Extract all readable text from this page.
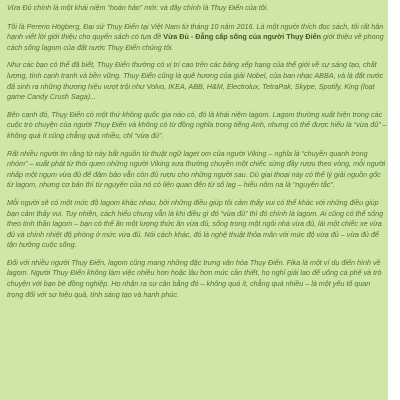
Vừa Đủ chính là một khái niệm “hoàn hảo” mới: và đây chính là Thụy Điển của tôi.

Tôi là Pererio Högberg, Đại sứ Thụy Điển tại Việt Nam từ tháng 10 năm 2016. Là một người thích đọc sách, tôi rất hân hạnh viết lời giới thiệu cho quyển sách có tựa đề Vừa Đủ - Đẳng cấp sống của người Thụy Điển giới thiệu về phong cách sống lagom của đất nước Thụy Điển chúng tôi.

Như các bạn có thể đã biết, Thụy Điển thường có vị trí cao trên các bảng xếp hạng của thế giới về sự sáng tạo, chất lượng, tính cạnh tranh và bền vững. Thụy Điển cũng là quê hương của giải Nobel, của ban nhạc ABBA, và là đất nước đã sinh ra những thương hiệu vượt trội như Volvo, IKEA, ABB, H&M, Electrolux, TetraPak, Skype, Spotify, King (loạt game Candy Crush Saga)...

Bên cạnh đó, Thụy Điển có một thứ không quốc gia nào có, đó là khái niệm lagom. Lagom thường xuất hiện trong các cuộc trò chuyện của người Thụy Điển và không có từ đồng nghĩa trong tiếng Anh, nhưng có thể được hiểu là “vừa đủ” – không quá ít cũng chẳng quá nhiều, chỉ “vừa đủ”.

Rất nhiều người tin rằng từ này bắt nguồn từ thuật ngữ laget om của người Viking – nghĩa là “chuyền quanh trong nhóm” – xuất phát từ thói quen những người Viking xưa thường chuyền một chiếc sừng đầy rượu theo vòng, mỗi người nhấp một ngụm vừa đủ để đảm bảo vẫn còn đủ rượu cho những người sau. Dù giai thoại này có thể lý giải nguồn gốc từ lagom, nhưng cơ bản thì từ nguyên của nó có liên quan đến từ số lag – hiểu nôm na là “nguyên tắc”.

Mỗi người sẽ có một mức độ lagom khác nhau, bởi những điều giúp tôi cảm thấy vui có thể khác với những điều giúp bạn cảm thấy vui. Tuy nhiên, cách hiểu chung vẫn là khi điều gì đó “vừa đủ” thì đó chính là lagom. Ai cũng có thể sống theo tinh thần lagom – bạn có thể ăn một lượng thức ăn vừa đủ, sống trong một ngôi nhà vừa đủ, lái một chiếc xe vừa đủ và chính nhiệt độ phòng ở mức vừa đủ. Nói cách khác, đó là nghệ thuật thỏa mãn với mức độ vừa đủ – vừa đủ để tận hưởng cuộc sống.

Đối với nhiều người Thụy Điển, lagom cũng mang những đặc trưng văn hóa Thụy Điển. Fika là một ví dụ điển hình về lagom. Người Thụy Điển không làm việc nhiều hơn hoặc lâu hơn mức cần thiết, họ nghỉ giải lao để uống cà phê và trò chuyện với bạn bè đồng nghiệp. Họ nhận ra sự cân bằng đó – không quá ít, chẳng quá nhiều – là một yếu tố quan trọng đối với sự hiệu quả, tính sáng tạo và hạnh phúc.
